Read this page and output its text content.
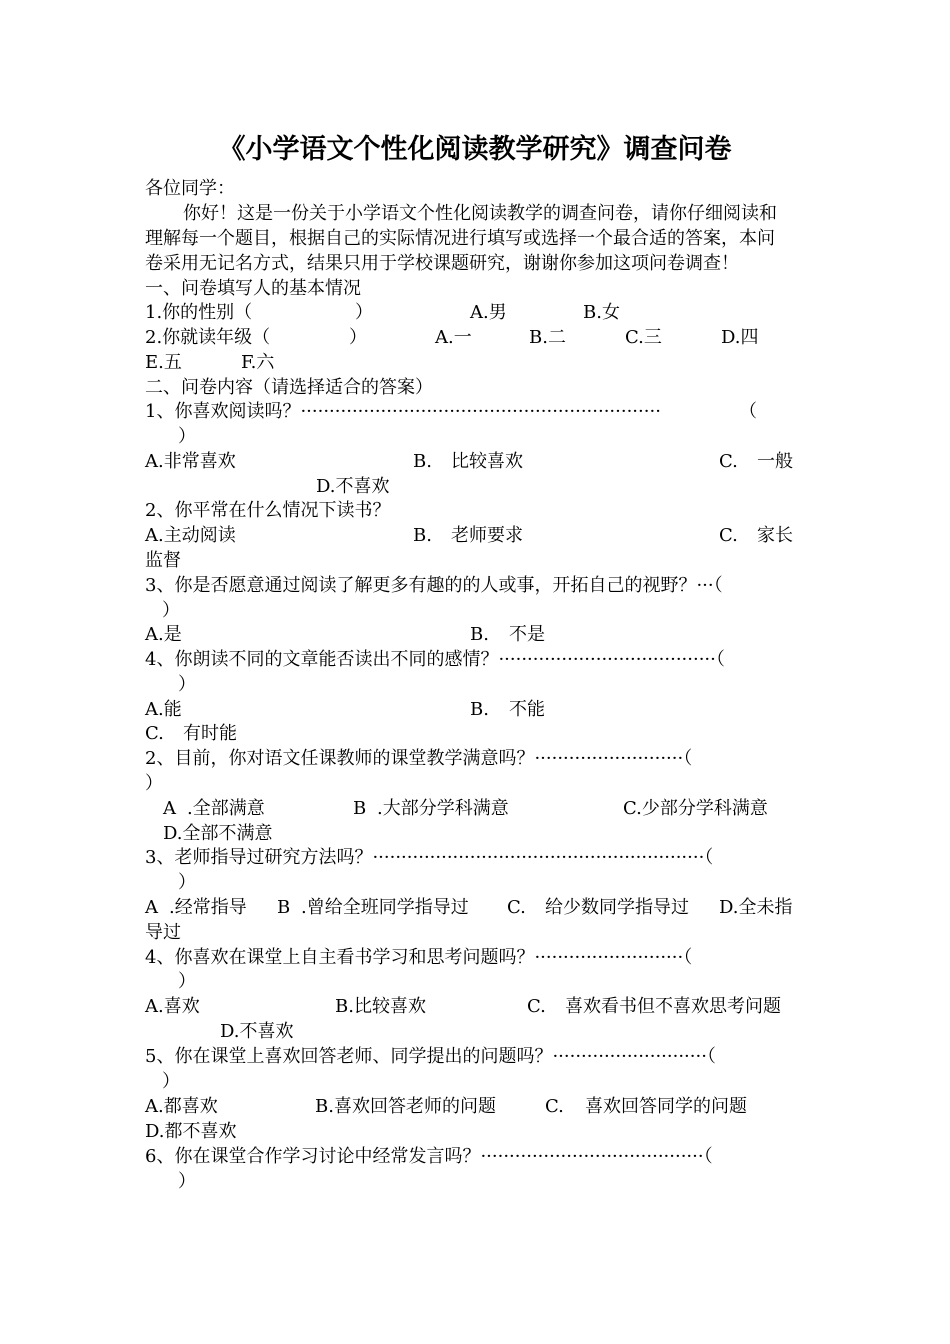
《小学语文个性化阅读教学研究》调查问卷
各位同学：
你好！这是一份关于小学语文个性化阅读教学的调查问卷，请你仔细阅读和
理解每一个题目，根据自己的实际情况进行填写或选择一个最合适的答案，本问
卷采用无记名方式，结果只用于学校课题研究，谢谢你参加这项问卷调查！
一、问卷填写人的基本情况

1.你的性别（

	）

	A.男

	B.女

2.你就读年级（

	）

	A.一

	B.二

	C.三

	D.四

E.五

	F.六

二、问卷内容（请选择适合的答案）

1、你喜欢阅读吗？·······························································

	（

）

A.非常喜欢

	B.

比较喜欢

	C.

一般

D.不喜欢
2、你平常在什么情况下读书？

A.主动阅读

	B.

老师要求

	C.

家长

监督
3、你是否愿意通过阅读了解更多有趣的的人或事，开拓自己的视野？···（
）

A.是

	B.

不是

4、你朗读不同的文章能否读出不同的感情？······································（
）

A.能

	B.

不能

C.

有时能

2、目前，你对语文任课教师的课堂教学满意吗？··························（
）

A

.全部满意

	B

.大部分学科满意

	C.少部分学科满意

D.全部不满意
3、老师指导过研究方法吗？··························································（
）

A

.经常指导

B

.曾给全班同学指导过

C.

给少数同学指导过

D.全未指

导过
4、你喜欢在课堂上自主看书学习和思考问题吗？··························（
）

A.喜欢

	B.比较喜欢

	C.

喜欢看书但不喜欢思考问题

D.不喜欢
5、你在课堂上喜欢回答老师、同学提出的问题吗？···························（
）

A.都喜欢

	B.喜欢回答老师的问题

	C.

喜欢回答同学的问题

D.都不喜欢
6、你在课堂合作学习讨论中经常发言吗？·······································（
）
